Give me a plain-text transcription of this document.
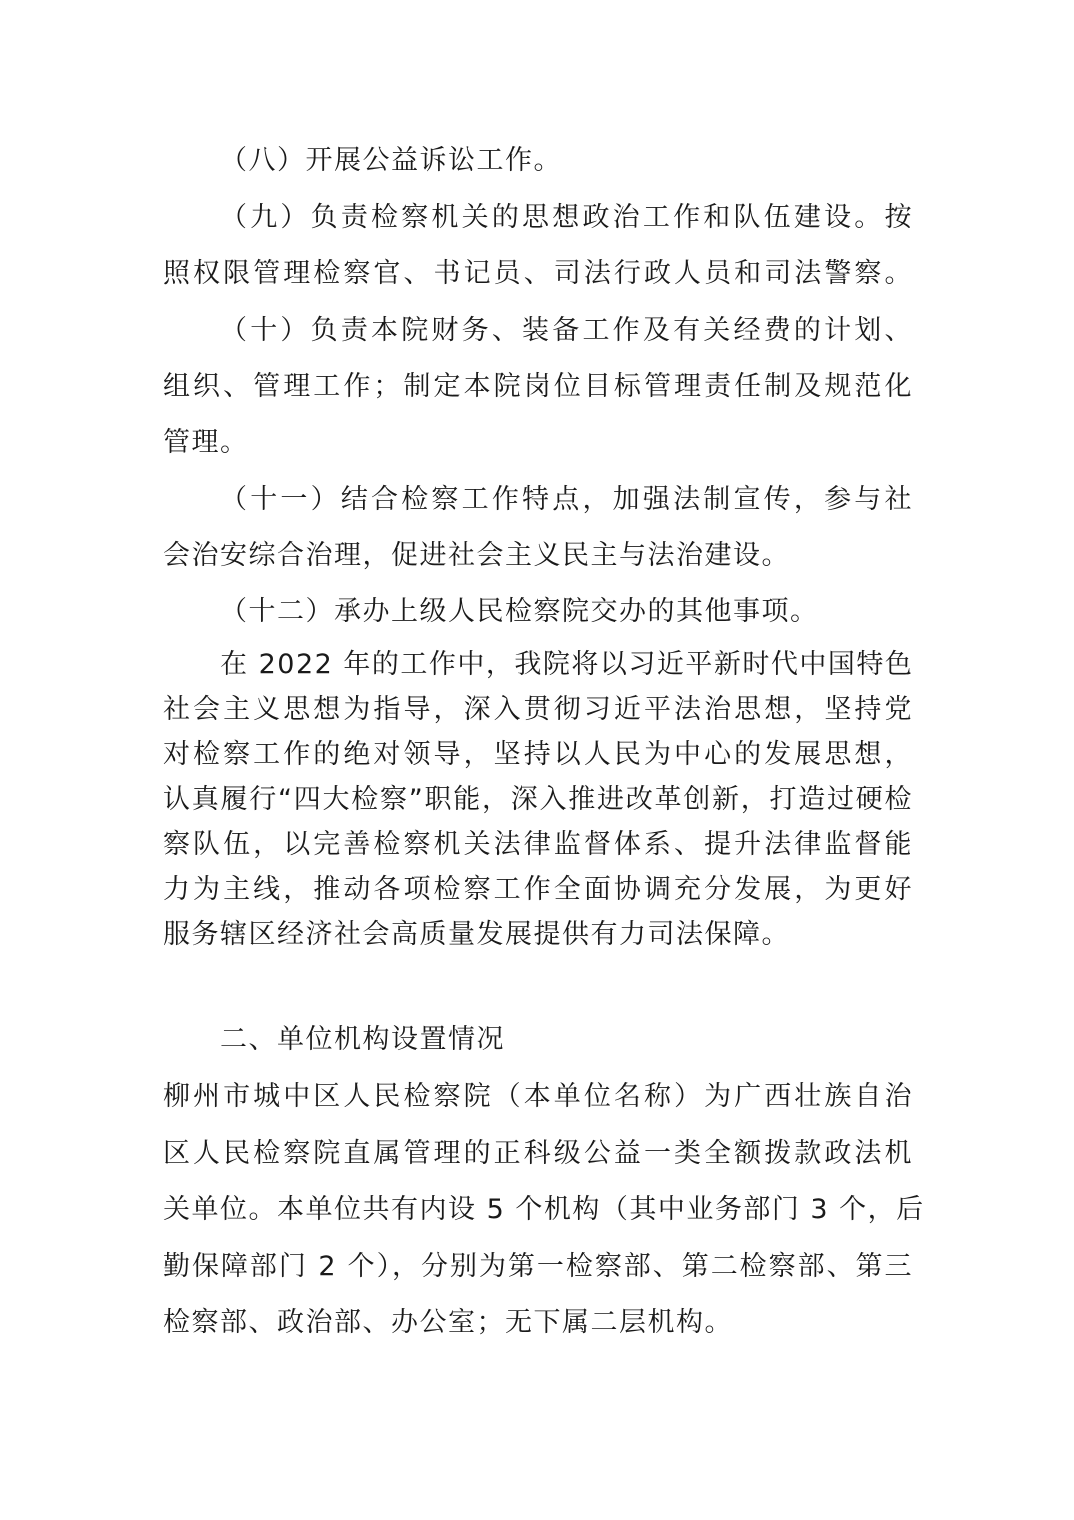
（八）开展公益诉讼工作。
（九）负责检察机关的思想政治工作和队伍建设。按
照权限管理检察官、书记员、司法行政人员和司法警察。
（十）负责本院财务、装备工作及有关经费的计划、
组织、管理工作；制定本院岗位目标管理责任制及规范化
管理。
（十一）结合检察工作特点，加强法制宣传，参与社
会治安综合治理，促进社会主义民主与法治建设。
（十二）承办上级人民检察院交办的其他事项。
在 2022 年的工作中，我院将以习近平新时代中国特色
社会主义思想为指导，深入贯彻习近平法治思想，坚持党
对检察工作的绝对领导，坚持以人民为中心的发展思想，
认真履行“四大检察”职能，深入推进改革创新，打造过硬检
察队伍，以完善检察机关法律监督体系、提升法律监督能
力为主线，推动各项检察工作全面协调充分发展，为更好
服务辖区经济社会高质量发展提供有力司法保障。
二、单位机构设置情况
柳州市城中区人民检察院（本单位名称）为广西壮族自治
区人民检察院直属管理的正科级公益一类全额拨款政法机
关单位。本单位共有内设 5 个机构（其中业务部门 3 个，后
勤保障部门 2 个），分别为第一检察部、第二检察部、第三
检察部、政治部、办公室；无下属二层机构。
